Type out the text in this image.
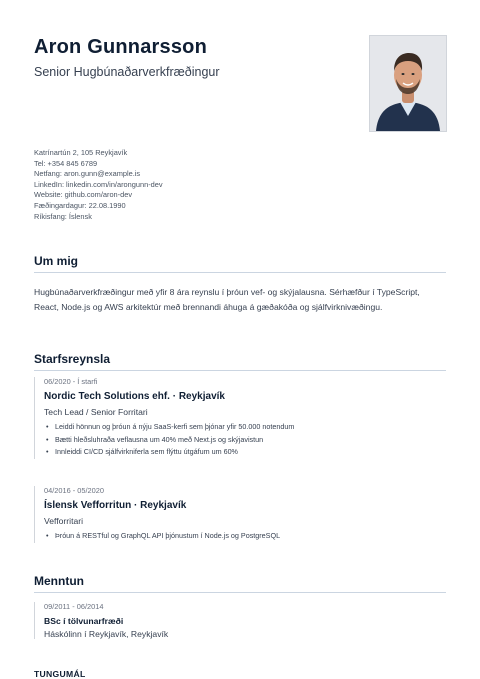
Aron Gunnarsson
Senior Hugbúnaðarverkfræðingur
Katrínartún 2, 105 Reykjavík
Tel: +354 845 6789
Netfang: aron.gunn@example.is
LinkedIn: linkedin.com/in/arongunn-dev
Website: github.com/aron-dev
Fæðingardagur: 22.08.1990
Ríkisfang: Íslensk
Um mig
Hugbúnaðarverkfræðingur með yfir 8 ára reynslu í þróun vef- og skýjalausna. Sérhæfður í TypeScript, React, Node.js og AWS arkitektúr með brennandi áhuga á gæðakóða og sjálfvirknivæðingu.
Starfsreynsla
06/2020 - Í starfi
Nordic Tech Solutions ehf. · Reykjavík
Tech Lead / Senior Forritari
• Leiddi hönnun og þróun á nýju SaaS-kerfi sem þjónar yfir 50.000 notendum
• Bætti hleðsluhraða veflausna um 40% með Next.js og skýjavistun
• Innleiddi CI/CD sjálfvirkniferla sem flýttu útgáfum um 60%
04/2016 - 05/2020
Íslensk Vefforritun · Reykjavík
Vefforritari
• Þróun á RESTful og GraphQL API þjónustum í Node.js og PostgreSQL
Menntun
09/2011 - 06/2014
BSc í tölvunarfræði
Háskólinn í Reykjavík, Reykjavík
TUNGUMÁL
